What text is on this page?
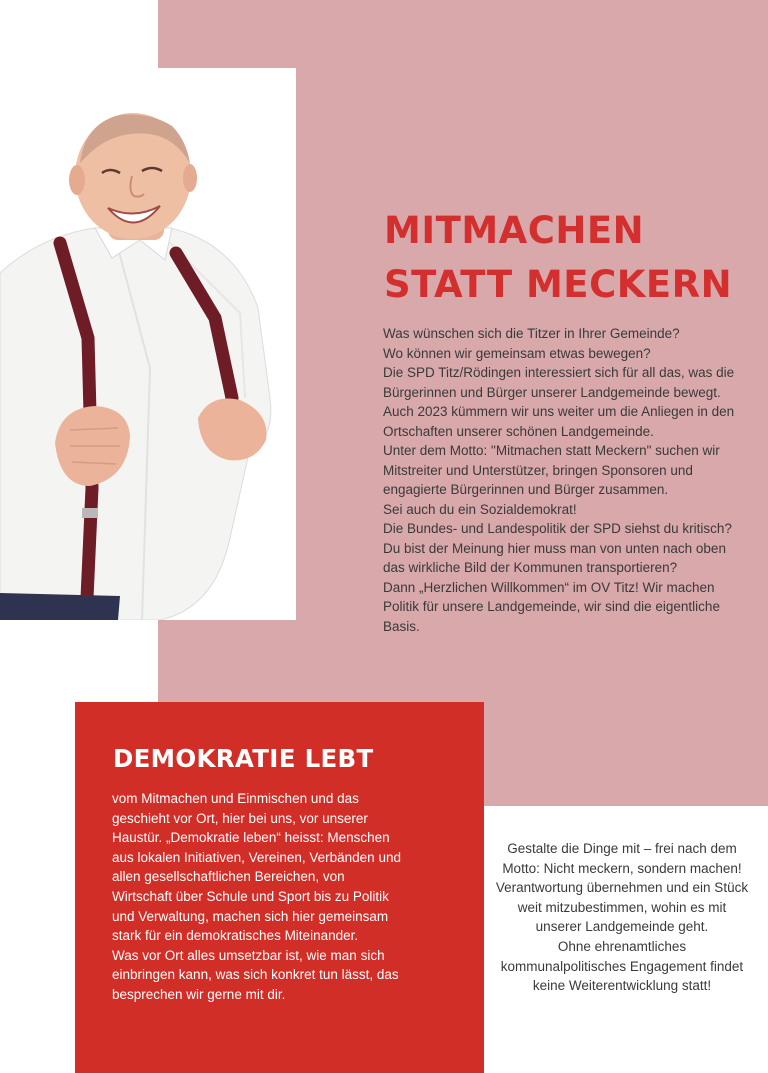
MITMACHEN
STATT MECKERN

Was wünschen sich die Titzer in Ihrer Gemeinde?

Wo können wir gemeinsam etwas bewegen?

Die SPD Titz/Rödingen interessiert sich für all das, was die Bürgerinnen und Bürger unserer Landgemeinde bewegt.

Auch 2023 kümmern wir uns weiter um die Anliegen in den Ortschaften unserer schönen Landgemeinde.

Unter dem Motto: "Mitmachen statt Meckern" suchen wir Mitstreiter und Unterstützer, bringen Sponsoren und engagierte Bürgerinnen und Bürger zusammen.

Sei auch du ein Sozialdemokrat!

Die Bundes- und Landespolitik der SPD siehst du kritisch? Du bist der Meinung hier muss man von unten nach oben das wirkliche Bild der Kommunen transportieren?

Dann „Herzlichen Willkommen“ im OV Titz! Wir machen Politik für unsere Landgemeinde, wir sind die eigentliche Basis.

DEMOKRATIE LEBT

vom Mitmachen und Einmischen und das geschieht vor Ort, hier bei uns, vor unserer Haustür. „Demokratie leben“ heisst: Menschen aus lokalen Initiativen, Vereinen, Verbänden und allen gesellschaftlichen Bereichen, von Wirtschaft über Schule und Sport bis zu Politik und Verwaltung, machen sich hier gemeinsam stark für ein demokratisches Miteinander.

Was vor Ort alles umsetzbar ist, wie man sich einbringen kann, was sich konkret tun lässt, das besprechen wir gerne mit dir.

Gestalte die Dinge mit – frei nach dem Motto: Nicht meckern, sondern machen!

Verantwortung übernehmen und ein Stück weit mitzubestimmen, wohin es mit unserer Landgemeinde geht.

Ohne ehrenamtliches kommunalpolitisches Engagement findet keine Weiterentwicklung statt!
